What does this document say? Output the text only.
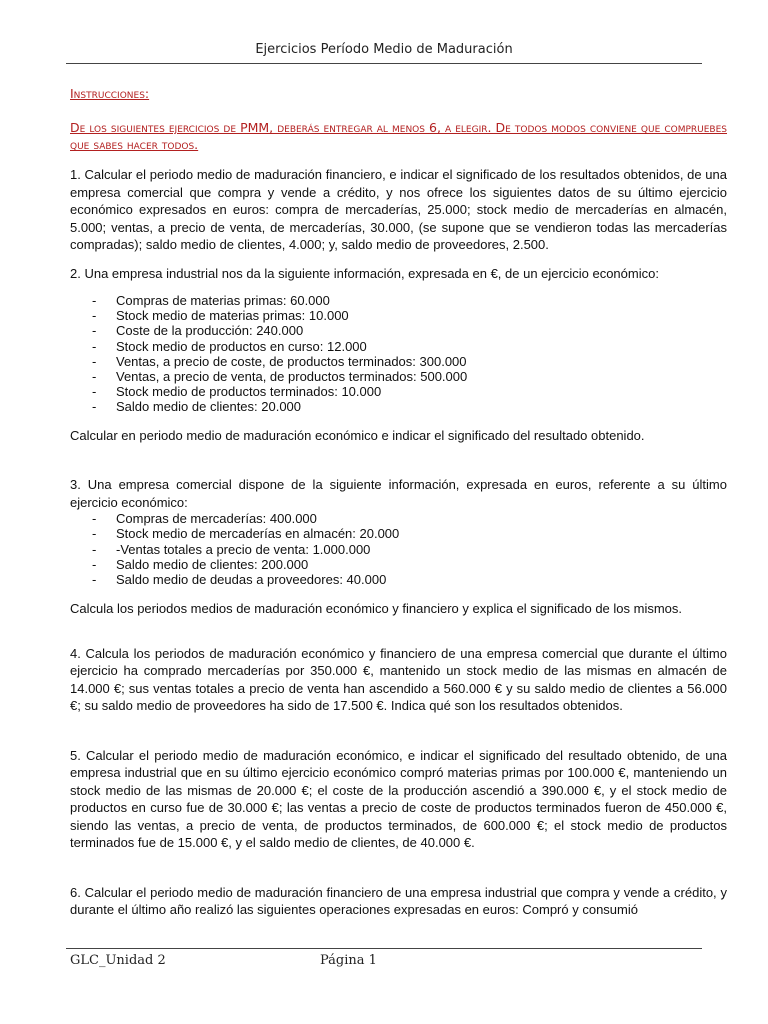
Ejercicios Período Medio de Maduración

Instrucciones:

De los siguientes ejercicios de PMM, deberás entregar al menos 6, a elegir. De todos modos conviene que compruebes que sabes hacer todos.

1. Calcular el periodo medio de maduración financiero, e indicar el significado de los resultados obtenidos, de una empresa comercial que compra y vende a crédito, y nos ofrece los siguientes datos de su último ejercicio económico expresados en euros: compra de mercaderías, 25.000; stock medio de mercaderías en almacén, 5.000; ventas, a precio de venta, de mercaderías, 30.000, (se supone que se vendieron todas las mercaderías compradas); saldo medio de clientes, 4.000; y, saldo medio de proveedores, 2.500.

2. Una empresa industrial nos da la siguiente información, expresada en €, de un ejercicio económico:

- Compras de materias primas: 60.000
- Stock medio de materias primas: 10.000
- Coste de la producción: 240.000
- Stock medio de productos en curso: 12.000
- Ventas, a precio de coste, de productos terminados: 300.000
- Ventas, a precio de venta, de productos terminados: 500.000
- Stock medio de productos terminados: 10.000
- Saldo medio de clientes: 20.000

Calcular en periodo medio de maduración económico e indicar el significado del resultado obtenido.

3. Una empresa comercial dispone de la siguiente información, expresada en euros, referente a su último ejercicio económico:

- Compras de mercaderías: 400.000
- Stock medio de mercaderías en almacén: 20.000
- -Ventas totales a precio de venta: 1.000.000
- Saldo medio de clientes: 200.000
- Saldo medio de deudas a proveedores: 40.000

Calcula los periodos medios de maduración económico y financiero y explica el significado de los mismos.

4. Calcula los periodos de maduración económico y financiero de una empresa comercial que durante el último ejercicio ha comprado mercaderías por 350.000 €, mantenido un stock medio de las mismas en almacén de 14.000 €; sus ventas totales a precio de venta han ascendido a 560.000 € y su saldo medio de clientes a 56.000 €; su saldo medio de proveedores ha sido de 17.500 €. Indica qué son los resultados obtenidos.

5. Calcular el periodo medio de maduración económico, e indicar el significado del resultado obtenido, de una empresa industrial que en su último ejercicio económico compró materias primas por 100.000 €, manteniendo un stock medio de las mismas de 20.000 €; el coste de la producción ascendió a 390.000 €, y el stock medio de productos en curso fue de 30.000 €; las ventas a precio de coste de productos terminados fueron de 450.000 €, siendo las ventas, a precio de venta, de productos terminados, de 600.000 €; el stock medio de productos terminados fue de 15.000 €, y el saldo medio de clientes, de 40.000 €.

6. Calcular el periodo medio de maduración financiero de una empresa industrial que compra y vende a crédito, y durante el último año realizó las siguientes operaciones expresadas en euros: Compró y consumió

GLC_Unidad 2	Página 1
